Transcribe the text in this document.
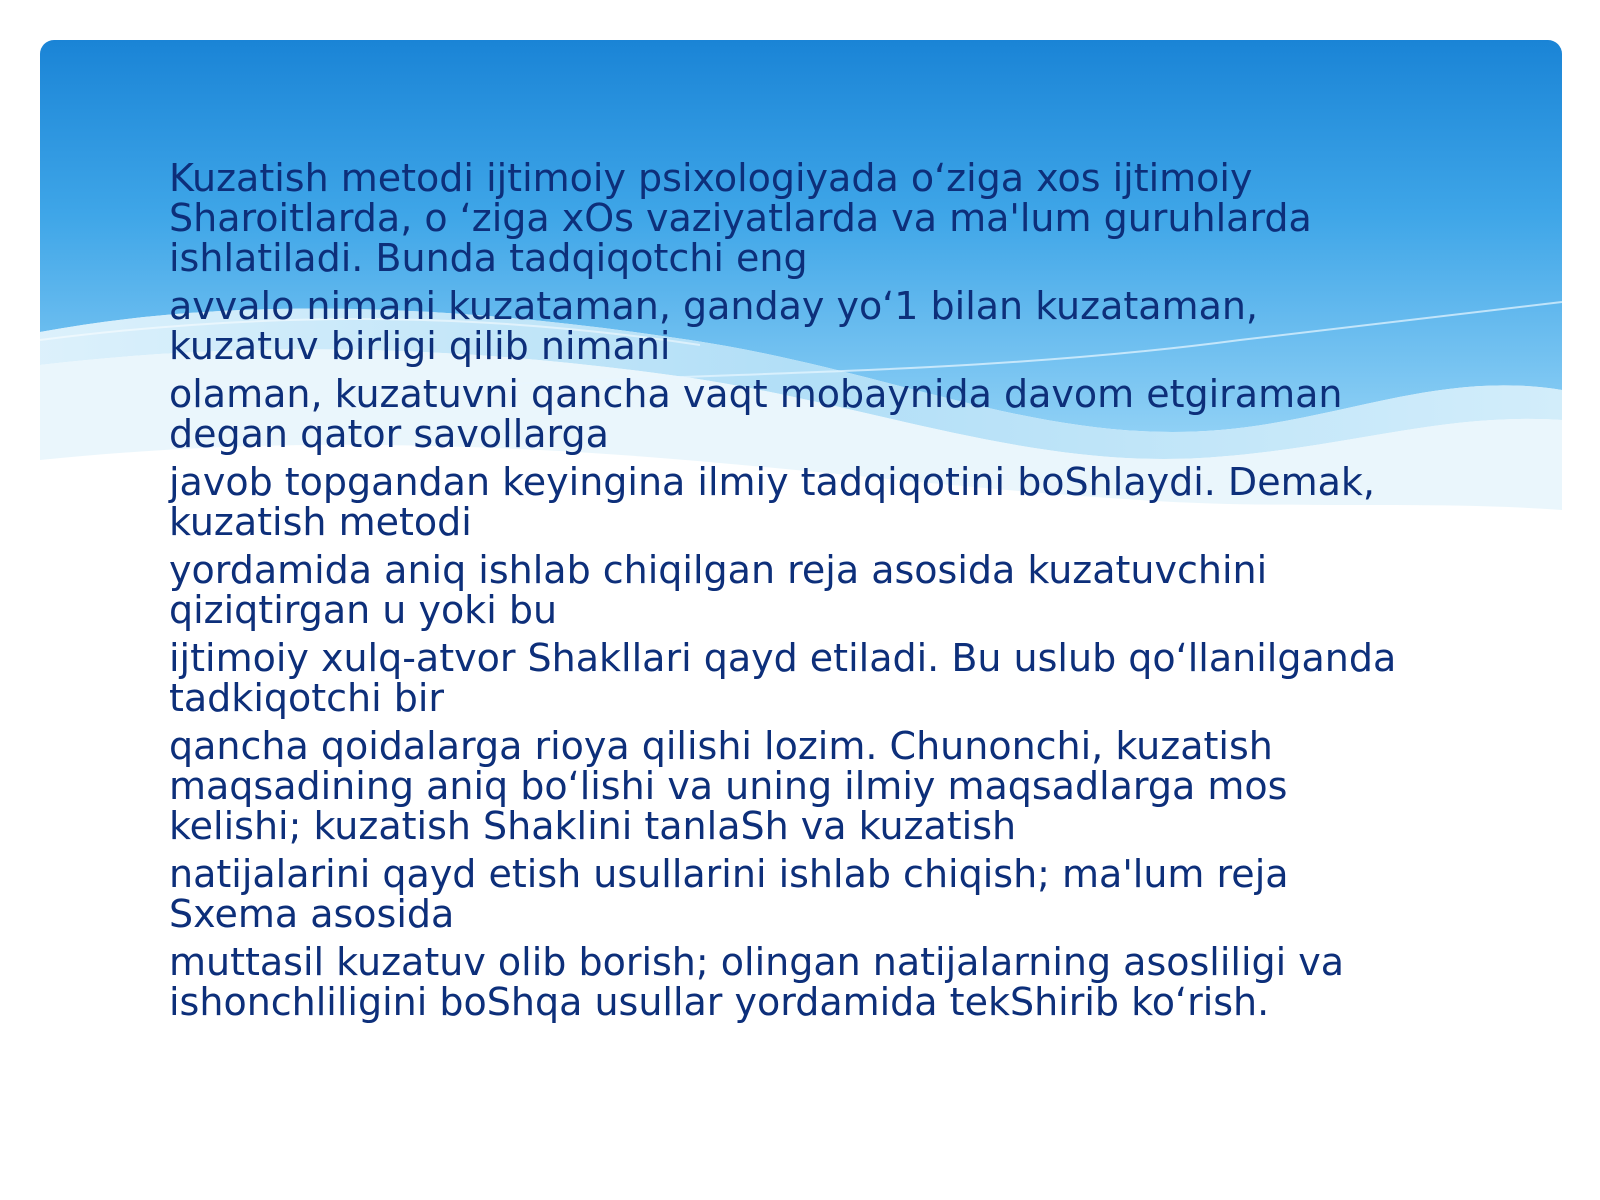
Kuzatish metodi ijtimoiy psixologiyada o‘ziga xos ijtimoiy
Sharoitlarda, o ‘ziga xOs vaziyatlarda va ma'lum guruhlarda
ishlatiladi. Bunda tadqiqotchi eng

avvalo nimani kuzataman, ganday yo‘1 bilan kuzataman,
kuzatuv birligi qilib nimani

olaman, kuzatuvni qancha vaqt mobaynida davom etgiraman
degan qator savollarga

javob topgandan keyingina ilmiy tadqiqotini boShlaydi. Demak,
kuzatish metodi

yordamida aniq ishlab chiqilgan reja asosida kuzatuvchini
qiziqtirgan u yoki bu

ijtimoiy xulq-atvor Shakllari qayd etiladi. Bu uslub qo‘llanilganda
tadkiqotchi bir

qancha qoidalarga rioya qilishi lozim. Chunonchi, kuzatish
maqsadining aniq bo‘lishi va uning ilmiy maqsadlarga mos
kelishi; kuzatish Shaklini tanlaSh va kuzatish

natijalarini qayd etish usullarini ishlab chiqish; ma'lum reja
Sxema asosida

muttasil kuzatuv olib borish; olingan natijalarning asosliligi va
ishonchliligini boShqa usullar yordamida tekShirib ko‘rish.
